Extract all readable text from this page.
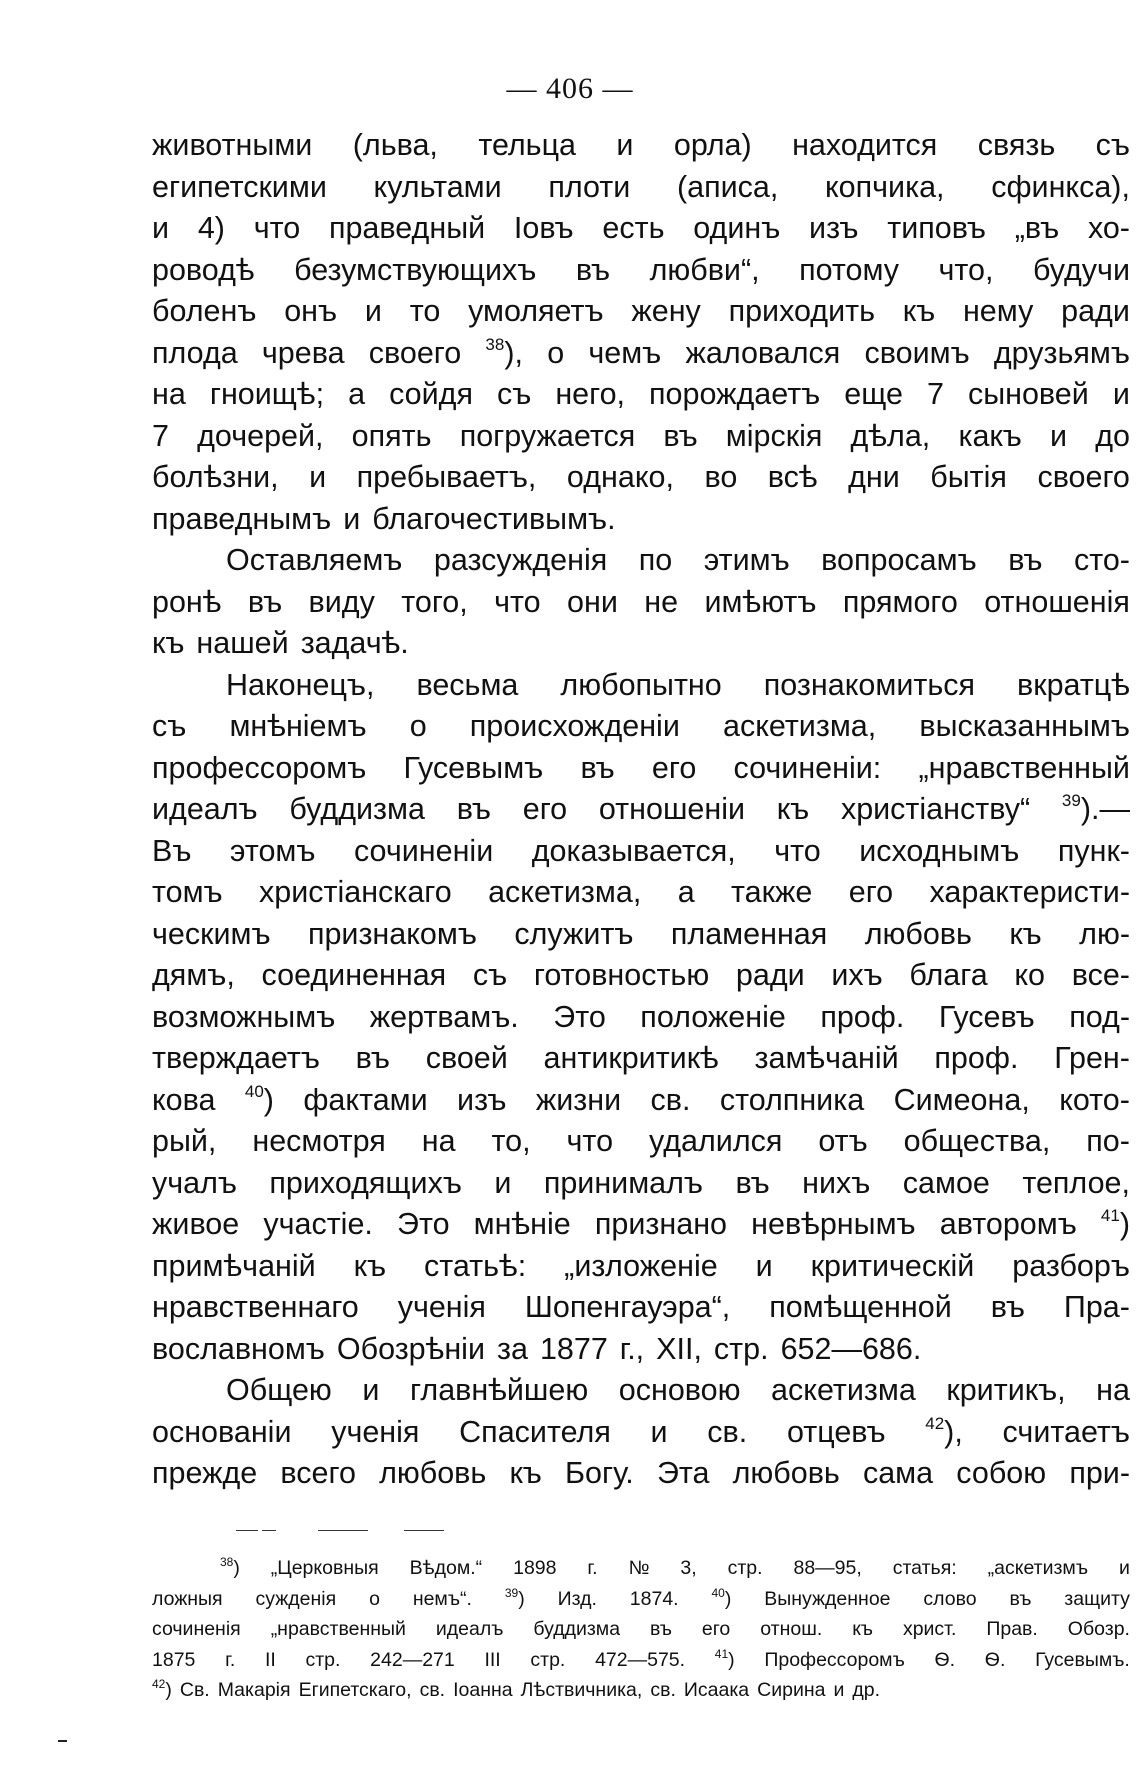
— 406 —
животными (льва, тельца и орла) находится связь съ
египетскими культами плоти (аписа, копчика, сфинкса),
и 4) что праведный Іовъ есть одинъ изъ типовъ „въ хо-
роводѣ безумствующихъ въ любви“, потому что, будучи
боленъ онъ и то умоляетъ жену приходить къ нему ради
плода чрева своего $^{38}$), о чемъ жаловался своимъ друзьямъ
на гноищѣ; а сойдя съ него, порождаетъ еще 7 сыновей и
7 дочерей, опять погружается въ мірскія дѣла, какъ и до
болѣзни, и пребываетъ, однако, во всѣ дни бытія своего
праведнымъ и благочестивымъ.
Оставляемъ разсужденія по этимъ вопросамъ въ сто-
ронѣ въ виду того, что они не имѣютъ прямого отношенія
къ нашей задачѣ.
Наконецъ, весьма любопытно познакомиться вкратцѣ
съ мнѣніемъ о происхожденіи аскетизма, высказаннымъ
профессоромъ Гусевымъ въ его сочиненіи: „нравственный
идеалъ буддизма въ его отношеніи къ христіанству“ $^{39}$).—
Въ этомъ сочиненіи доказывается, что исходнымъ пунк-
томъ христіанскаго аскетизма, а также его характеристи-
ческимъ признакомъ служитъ пламенная любовь къ лю-
дямъ, соединенная съ готовностью ради ихъ блага ко все-
возможнымъ жертвамъ. Это положеніе проф. Гусевъ под-
тверждаетъ въ своей антикритикѣ замѣчаній проф. Грен-
кова $^{40}$) фактами изъ жизни св. столпника Симеона, кото-
рый, несмотря на то, что удалился отъ общества, по-
учалъ приходящихъ и принималъ въ нихъ самое теплое,
живое участіе. Это мнѣніе признано невѣрнымъ авторомъ $^{41}$)
примѣчаній къ статьѣ: „изложеніе и критическій разборъ
нравственнаго ученія Шопенгауэра“, помѣщенной въ Пра-
вославномъ Обозрѣніи за 1877 г., XII, стр. 652—686.
Общею и главнѣйшею основою аскетизма критикъ, на
основаніи ученія Спасителя и св. отцевъ $^{42}$), считаетъ
прежде всего любовь къ Богу. Эта любовь сама собою при-
$^{38}$) „Церковныя Вѣдом.“ 1898 г. № 3, стр. 88—95, статья: „аскетизмъ и
ложныя сужденія о немъ“.	$^{39}$) Изд. 1874.	$^{40}$) Вынужденное слово въ защиту
сочиненія „нравственный идеалъ буддизма въ его отнош. къ христ. Прав. Обозр.
1875 г. II стр. 242—271 III стр. 472—575. $^{41}$) Профессоромъ Ѳ. Ѳ. Гусевымъ.
$^{42}$) Св. Макарія Египетскаго, св. Іоанна Лѣствичника, св. Исаака Сирина и др.
